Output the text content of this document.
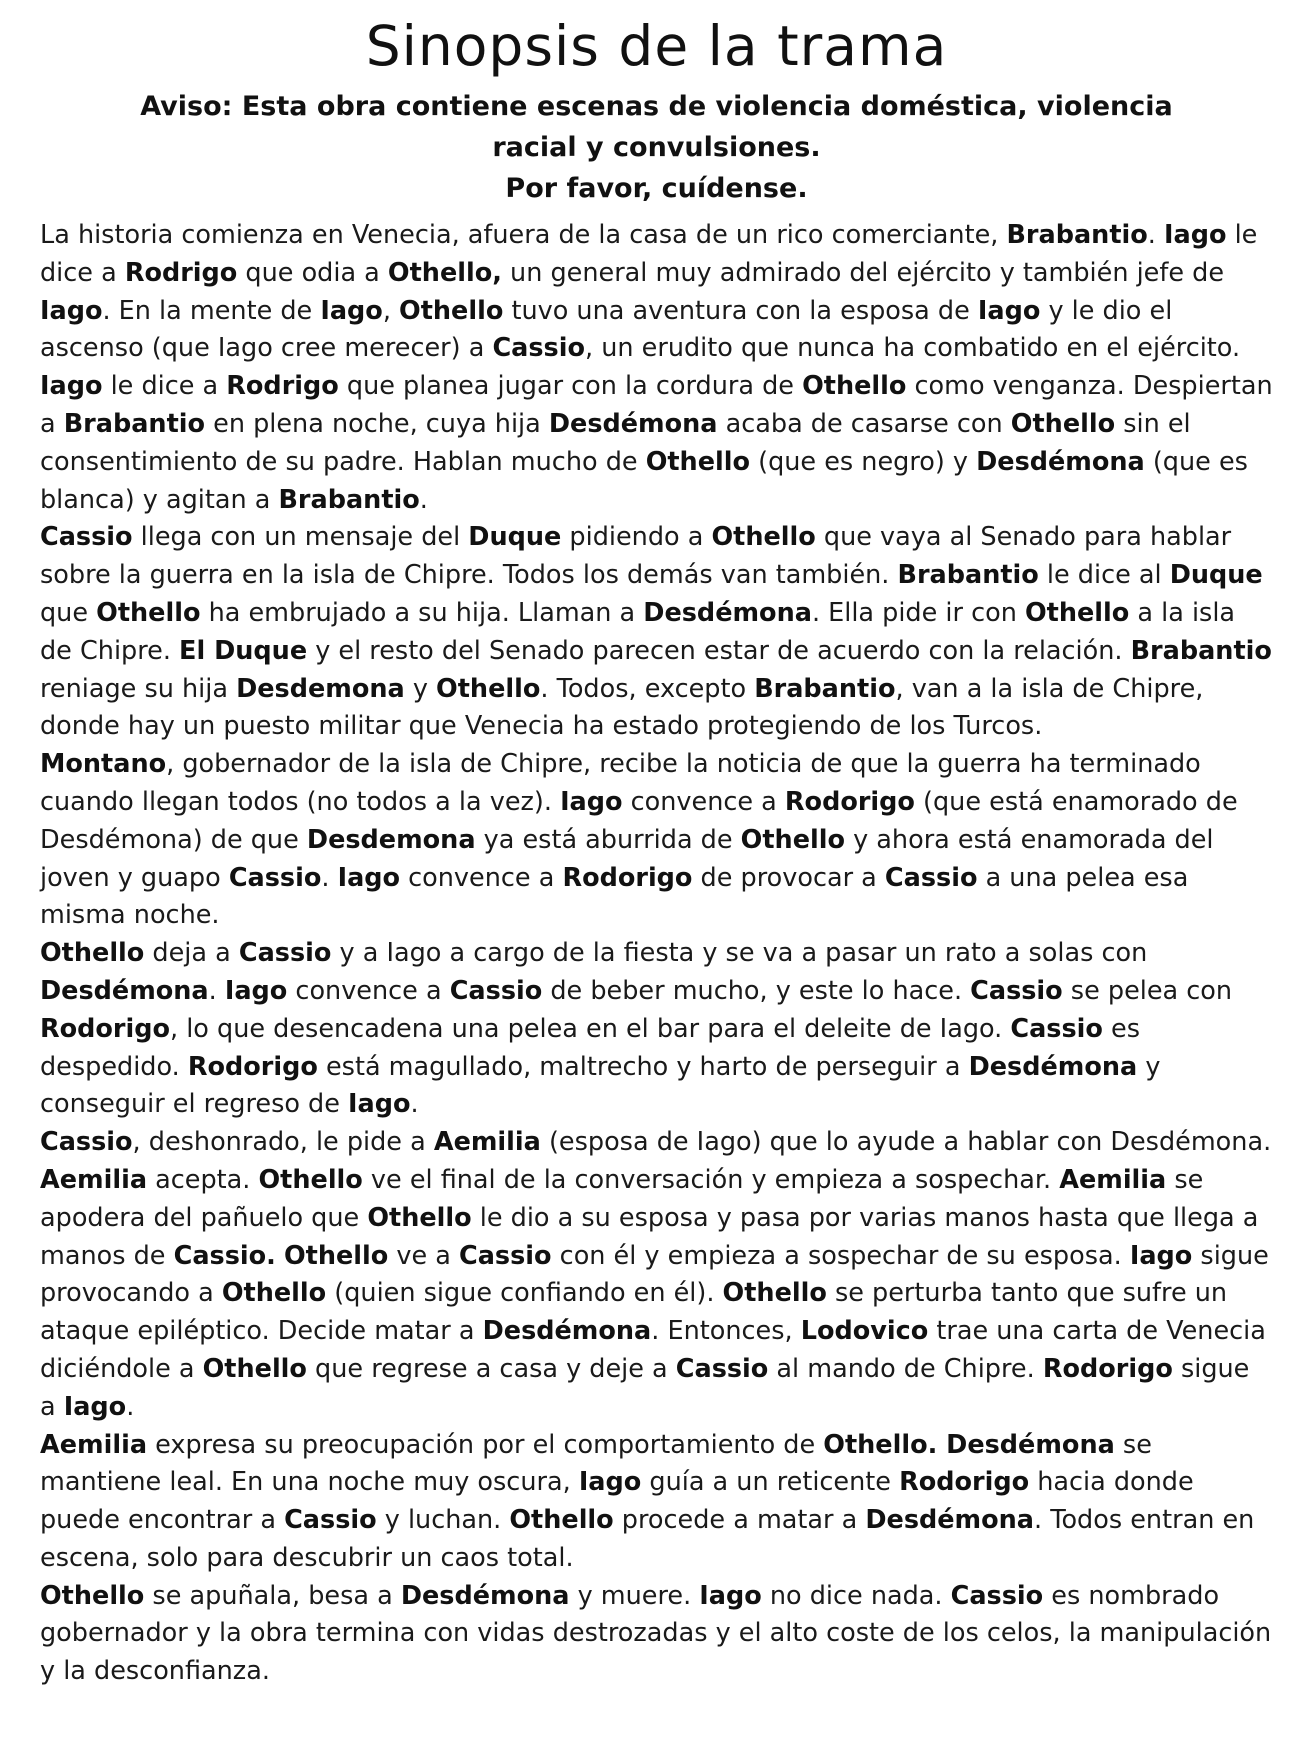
Sinopsis de la trama
Aviso: Esta obra contiene escenas de violencia doméstica, violencia racial y convulsiones.
Por favor, cuídense.

La historia comienza en Venecia, afuera de la casa de un rico comerciante, Brabantio. Iago le dice a Rodrigo que odia a Othello, un general muy admirado del ejército y también jefe de Iago. En la mente de Iago, Othello tuvo una aventura con la esposa de Iago y le dio el ascenso (que Iago cree merecer) a Cassio, un erudito que nunca ha combatido en el ejército. Iago le dice a Rodrigo que planea jugar con la cordura de Othello como venganza. Despiertan a Brabantio en plena noche, cuya hija Desdémona acaba de casarse con Othello sin el consentimiento de su padre. Hablan mucho de Othello (que es negro) y Desdémona (que es blanca) y agitan a Brabantio.

Cassio llega con un mensaje del Duque pidiendo a Othello que vaya al Senado para hablar sobre la guerra en la isla de Chipre. Todos los demás van también. Brabantio le dice al Duque que Othello ha embrujado a su hija. Llaman a Desdémona. Ella pide ir con Othello a la isla de Chipre. El Duque y el resto del Senado parecen estar de acuerdo con la relación. Brabantio reniage su hija Desdemona y Othello. Todos, excepto Brabantio, van a la isla de Chipre, donde hay un puesto militar que Venecia ha estado protegiendo de los Turcos.

Montano, gobernador de la isla de Chipre, recibe la noticia de que la guerra ha terminado cuando llegan todos (no todos a la vez). Iago convence a Rodorigo (que está enamorado de Desdémona) de que Desdemona ya está aburrida de Othello y ahora está enamorada del joven y guapo Cassio. Iago convence a Rodorigo de provocar a Cassio a una pelea esa misma noche.

Othello deja a Cassio y a Iago a cargo de la fiesta y se va a pasar un rato a solas con Desdémona. Iago convence a Cassio de beber mucho, y este lo hace. Cassio se pelea con Rodorigo, lo que desencadena una pelea en el bar para el deleite de Iago. Cassio es despedido. Rodorigo está magullado, maltrecho y harto de perseguir a Desdémona y conseguir el regreso de Iago.

Cassio, deshonrado, le pide a Aemilia (esposa de Iago) que lo ayude a hablar con Desdémona. Aemilia acepta. Othello ve el final de la conversación y empieza a sospechar. Aemilia se apodera del pañuelo que Othello le dio a su esposa y pasa por varias manos hasta que llega a manos de Cassio. Othello ve a Cassio con él y empieza a sospechar de su esposa. Iago sigue provocando a Othello (quien sigue confiando en él). Othello se perturba tanto que sufre un ataque epiléptico. Decide matar a Desdémona. Entonces, Lodovico trae una carta de Venecia diciéndole a Othello que regrese a casa y deje a Cassio al mando de Chipre. Rodorigo sigue a Iago.

Aemilia expresa su preocupación por el comportamiento de Othello. Desdémona se mantiene leal. En una noche muy oscura, Iago guía a un reticente Rodorigo hacia donde puede encontrar a Cassio y luchan. Othello procede a matar a Desdémona. Todos entran en escena, solo para descubrir un caos total.

Othello se apuñala, besa a Desdémona y muere. Iago no dice nada. Cassio es nombrado gobernador y la obra termina con vidas destrozadas y el alto coste de los celos, la manipulación y la desconfianza.
